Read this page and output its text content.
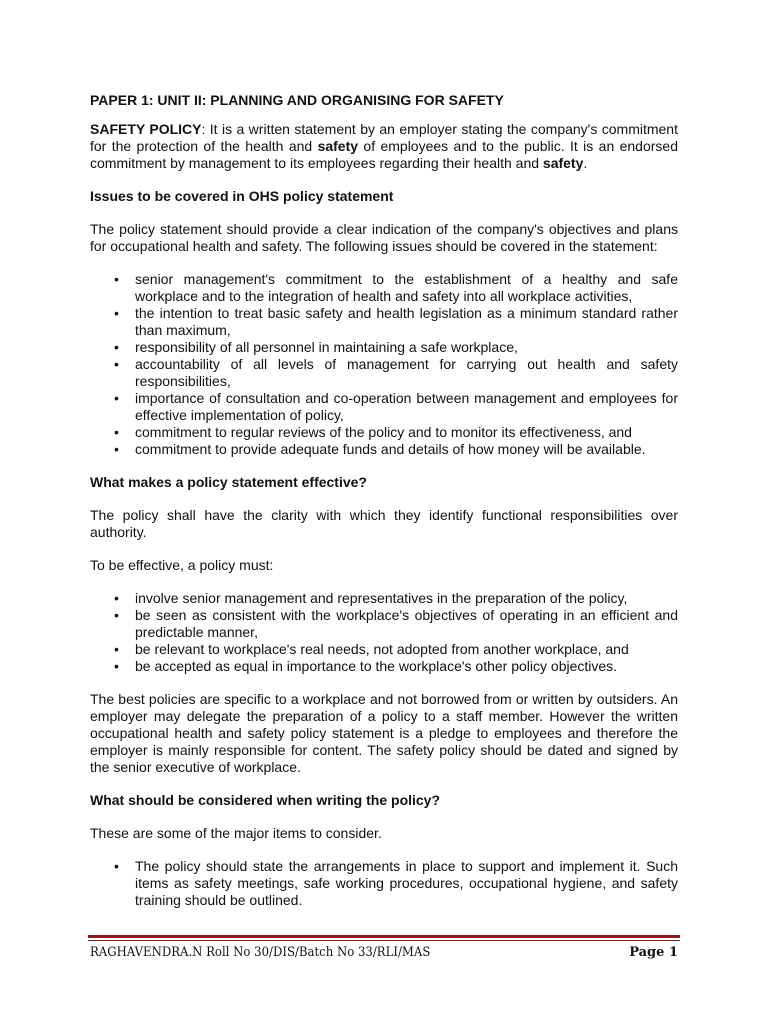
PAPER 1: UNIT II: PLANNING AND ORGANISING FOR SAFETY

SAFETY POLICY: It is a written statement by an employer stating the company's commitment for the protection of the health and safety of employees and to the public. It is an endorsed commitment by management to its employees regarding their health and safety.

Issues to be covered in OHS policy statement

The policy statement should provide a clear indication of the company's objectives and plans for occupational health and safety. The following issues should be covered in the statement:

•	senior management's commitment to the establishment of a healthy and safe workplace and to the integration of health and safety into all workplace activities,
•	the intention to treat basic safety and health legislation as a minimum standard rather than maximum,
•	responsibility of all personnel in maintaining a safe workplace,
•	accountability of all levels of management for carrying out health and safety responsibilities,
•	importance of consultation and co-operation between management and employees for effective implementation of policy,
•	commitment to regular reviews of the policy and to monitor its effectiveness, and
•	commitment to provide adequate funds and details of how money will be available.

What makes a policy statement effective?

The policy shall have the clarity with which they identify functional responsibilities over authority.

To be effective, a policy must:

•	involve senior management and representatives in the preparation of the policy,
•	be seen as consistent with the workplace's objectives of operating in an efficient and predictable manner,
•	be relevant to workplace's real needs, not adopted from another workplace, and
•	be accepted as equal in importance to the workplace's other policy objectives.

The best policies are specific to a workplace and not borrowed from or written by outsiders. An employer may delegate the preparation of a policy to a staff member. However the written occupational health and safety policy statement is a pledge to employees and therefore the employer is mainly responsible for content. The safety policy should be dated and signed by the senior executive of workplace.

What should be considered when writing the policy?

These are some of the major items to consider.

•	The policy should state the arrangements in place to support and implement it. Such items as safety meetings, safe working procedures, occupational hygiene, and safety training should be outlined.
RAGHAVENDRA.N Roll No 30/DIS/Batch No 33/RLI/MAS	Page 1
